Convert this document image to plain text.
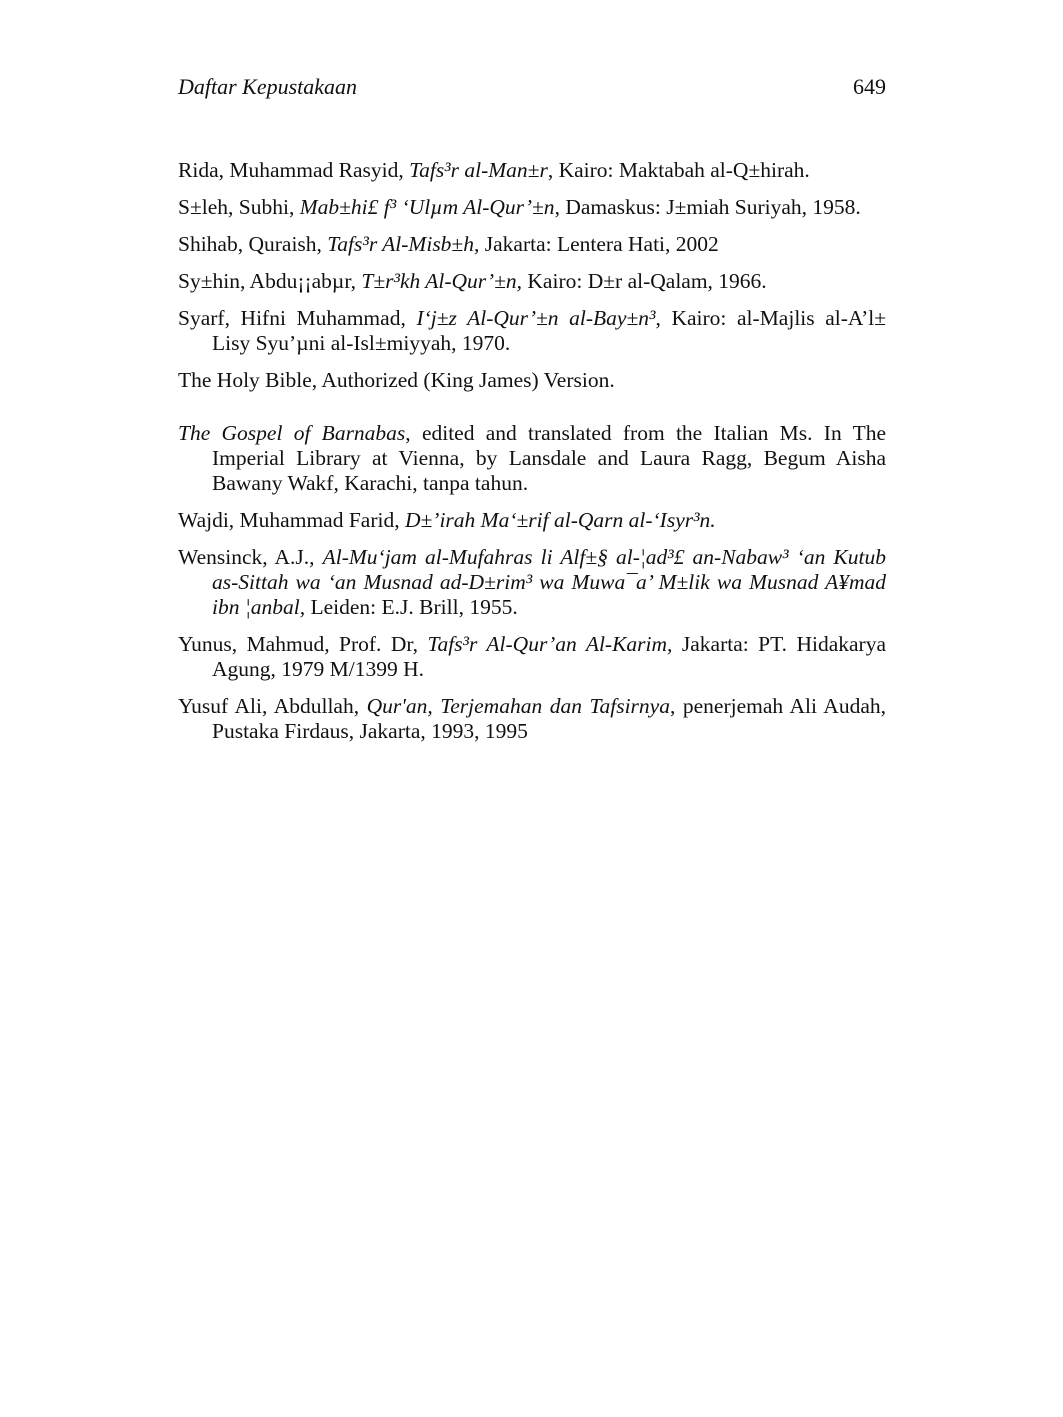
Daftar Kepustakaan	649

Rida, Muhammad Rasyid, Tafs³r al-Man±r, Kairo: Maktabah al-Q±hirah.

S±leh, Subhi, Mab±hi£ f³ ‘Ulµm Al-Qur’±n, Damaskus: J±miah Suriyah, 1958.

Shihab, Quraish, Tafs³r Al-Misb±h, Jakarta: Lentera Hati, 2002

Sy±hin, Abdu¡¡abµr, T±r³kh Al-Qur’±n, Kairo: D±r al-Qalam, 1966.

Syarf, Hifni Muhammad, I‘j±z Al-Qur’±n al-Bay±n³, Kairo: al-Majlis al-A’l± Lisy Syu’µni al-Isl±miyyah, 1970.

The Holy Bible, Authorized (King James) Version.

The Gospel of Barnabas, edited and translated from the Italian Ms. In The Imperial Library at Vienna, by Lansdale and Laura Ragg, Begum Aisha Bawany Wakf, Karachi, tanpa tahun.

Wajdi, Muhammad Farid, D±’irah Ma‘±rif al-Qarn al-‘Isyr³n.

Wensinck, A.J., Al-Mu‘jam al-Mufahras li Alf±§ al-¦ad³£ an-Nabaw³ ‘an Kutub as-Sittah wa ‘an Musnad ad-D±rim³ wa Muwa¯a’ M±lik wa Musnad A¥mad ibn ¦anbal, Leiden: E.J. Brill, 1955.

Yunus, Mahmud, Prof. Dr, Tafs³r Al-Qur’an Al-Karim, Jakarta: PT. Hidakarya Agung, 1979 M/1399 H.

Yusuf Ali, Abdullah, Qur'an, Terjemahan dan Tafsirnya, penerjemah Ali Audah, Pustaka Firdaus, Jakarta, 1993, 1995
